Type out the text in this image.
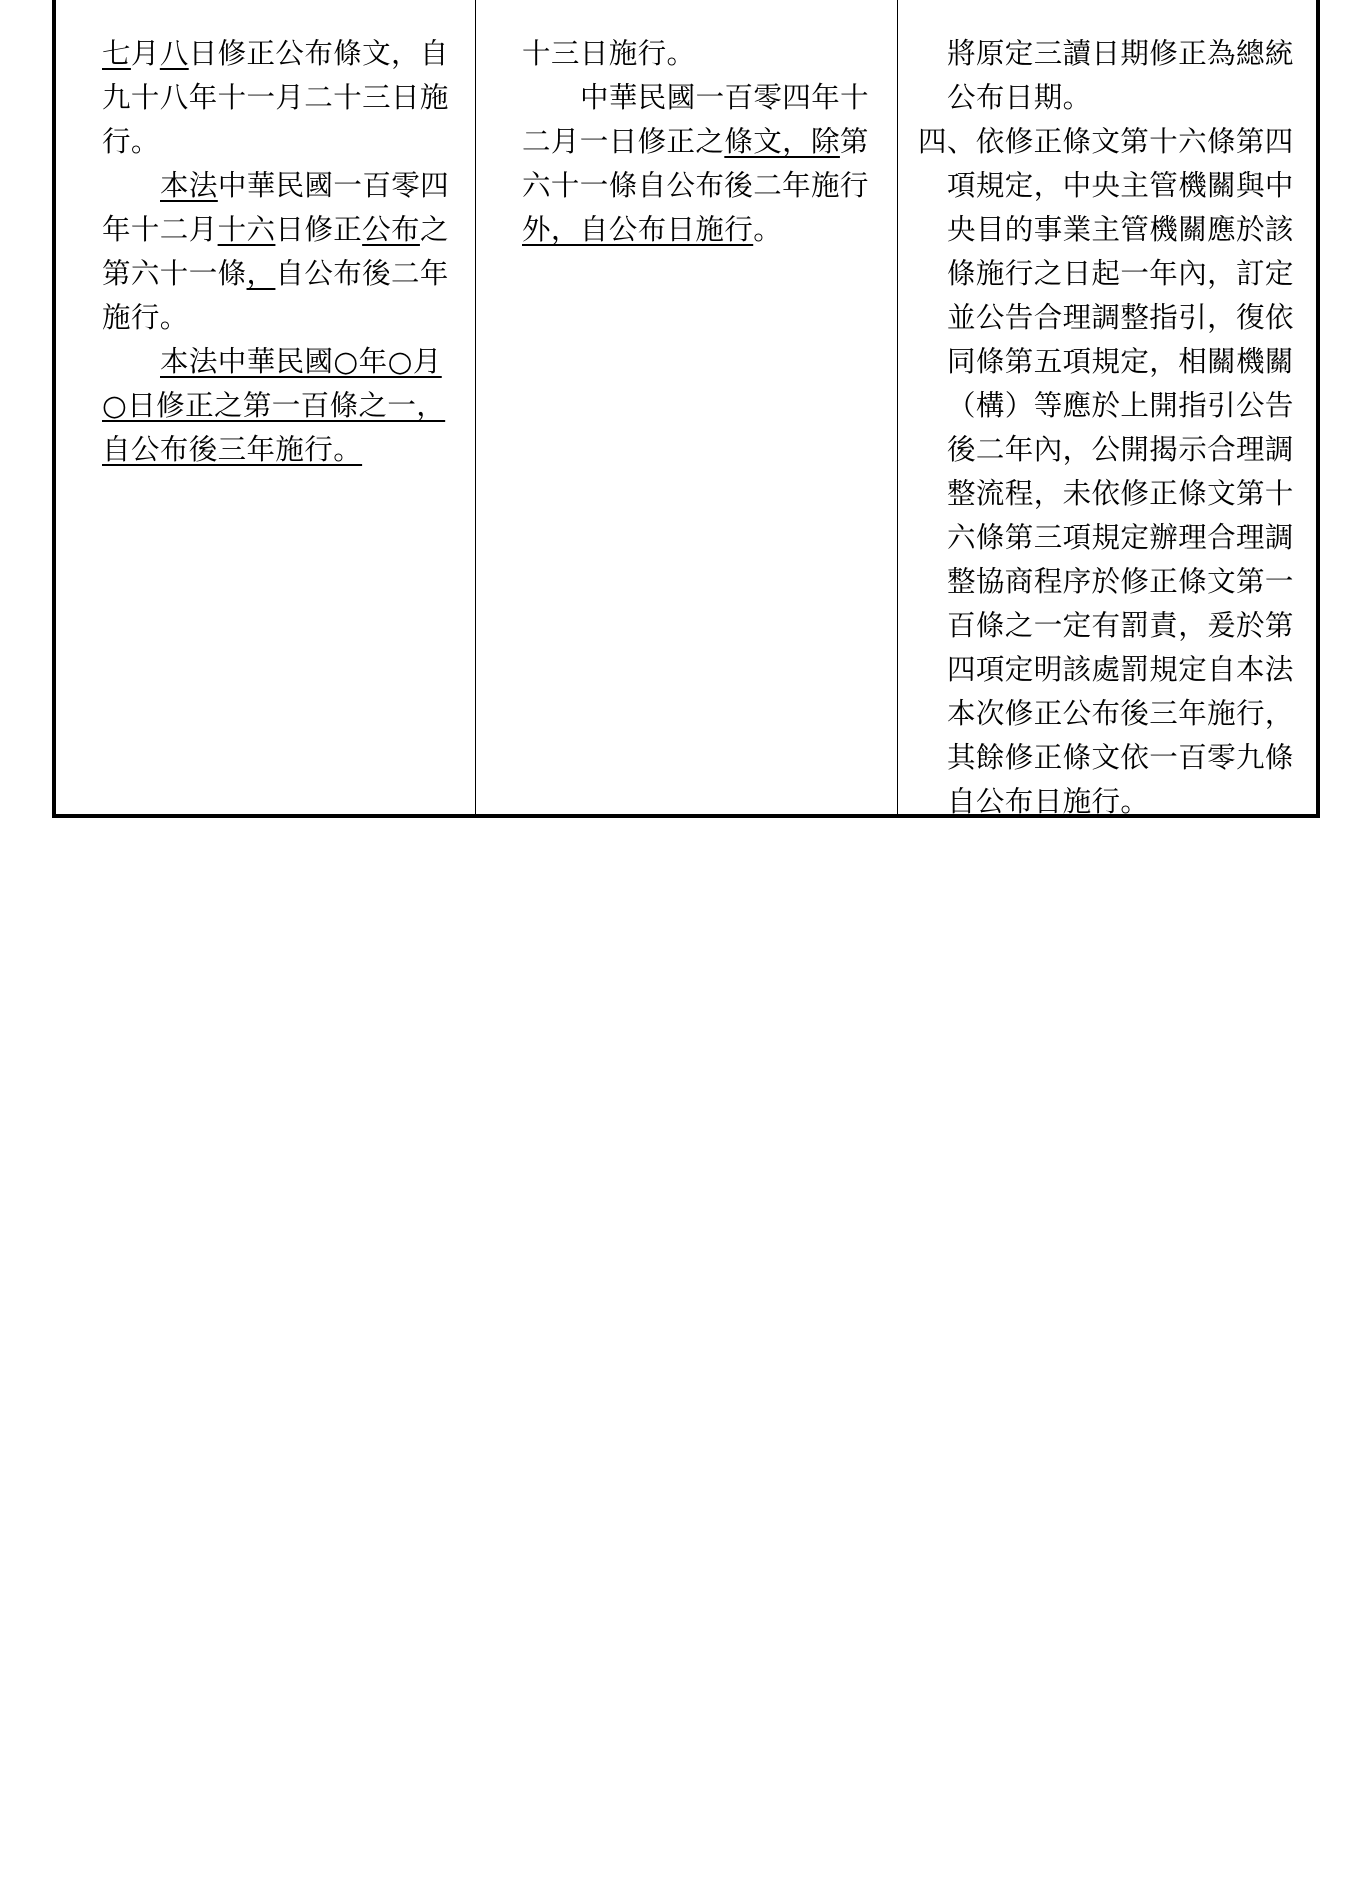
七月八日修正公布條文，自
九十八年十一月二十三日施
行。
本法中華民國一百零四
年十二月十六日修正公布之
第六十一條，自公布後二年
施行。
本法中華民國○年○月
○日修正之第一百條之一，
自公布後三年施行。
十三日施行。
中華民國一百零四年十
二月一日修正之條文，除第
六十一條自公布後二年施行
外，自公布日施行。
將原定三讀日期修正為總統
公布日期。
四、依修正條文第十六條第四
項規定，中央主管機關與中
央目的事業主管機關應於該
條施行之日起一年內，訂定
並公告合理調整指引，復依
同條第五項規定，相關機關
（構）等應於上開指引公告
後二年內，公開揭示合理調
整流程，未依修正條文第十
六條第三項規定辦理合理調
整協商程序於修正條文第一
百條之一定有罰責，爰於第
四項定明該處罰規定自本法
本次修正公布後三年施行，
其餘修正條文依一百零九條
自公布日施行。
